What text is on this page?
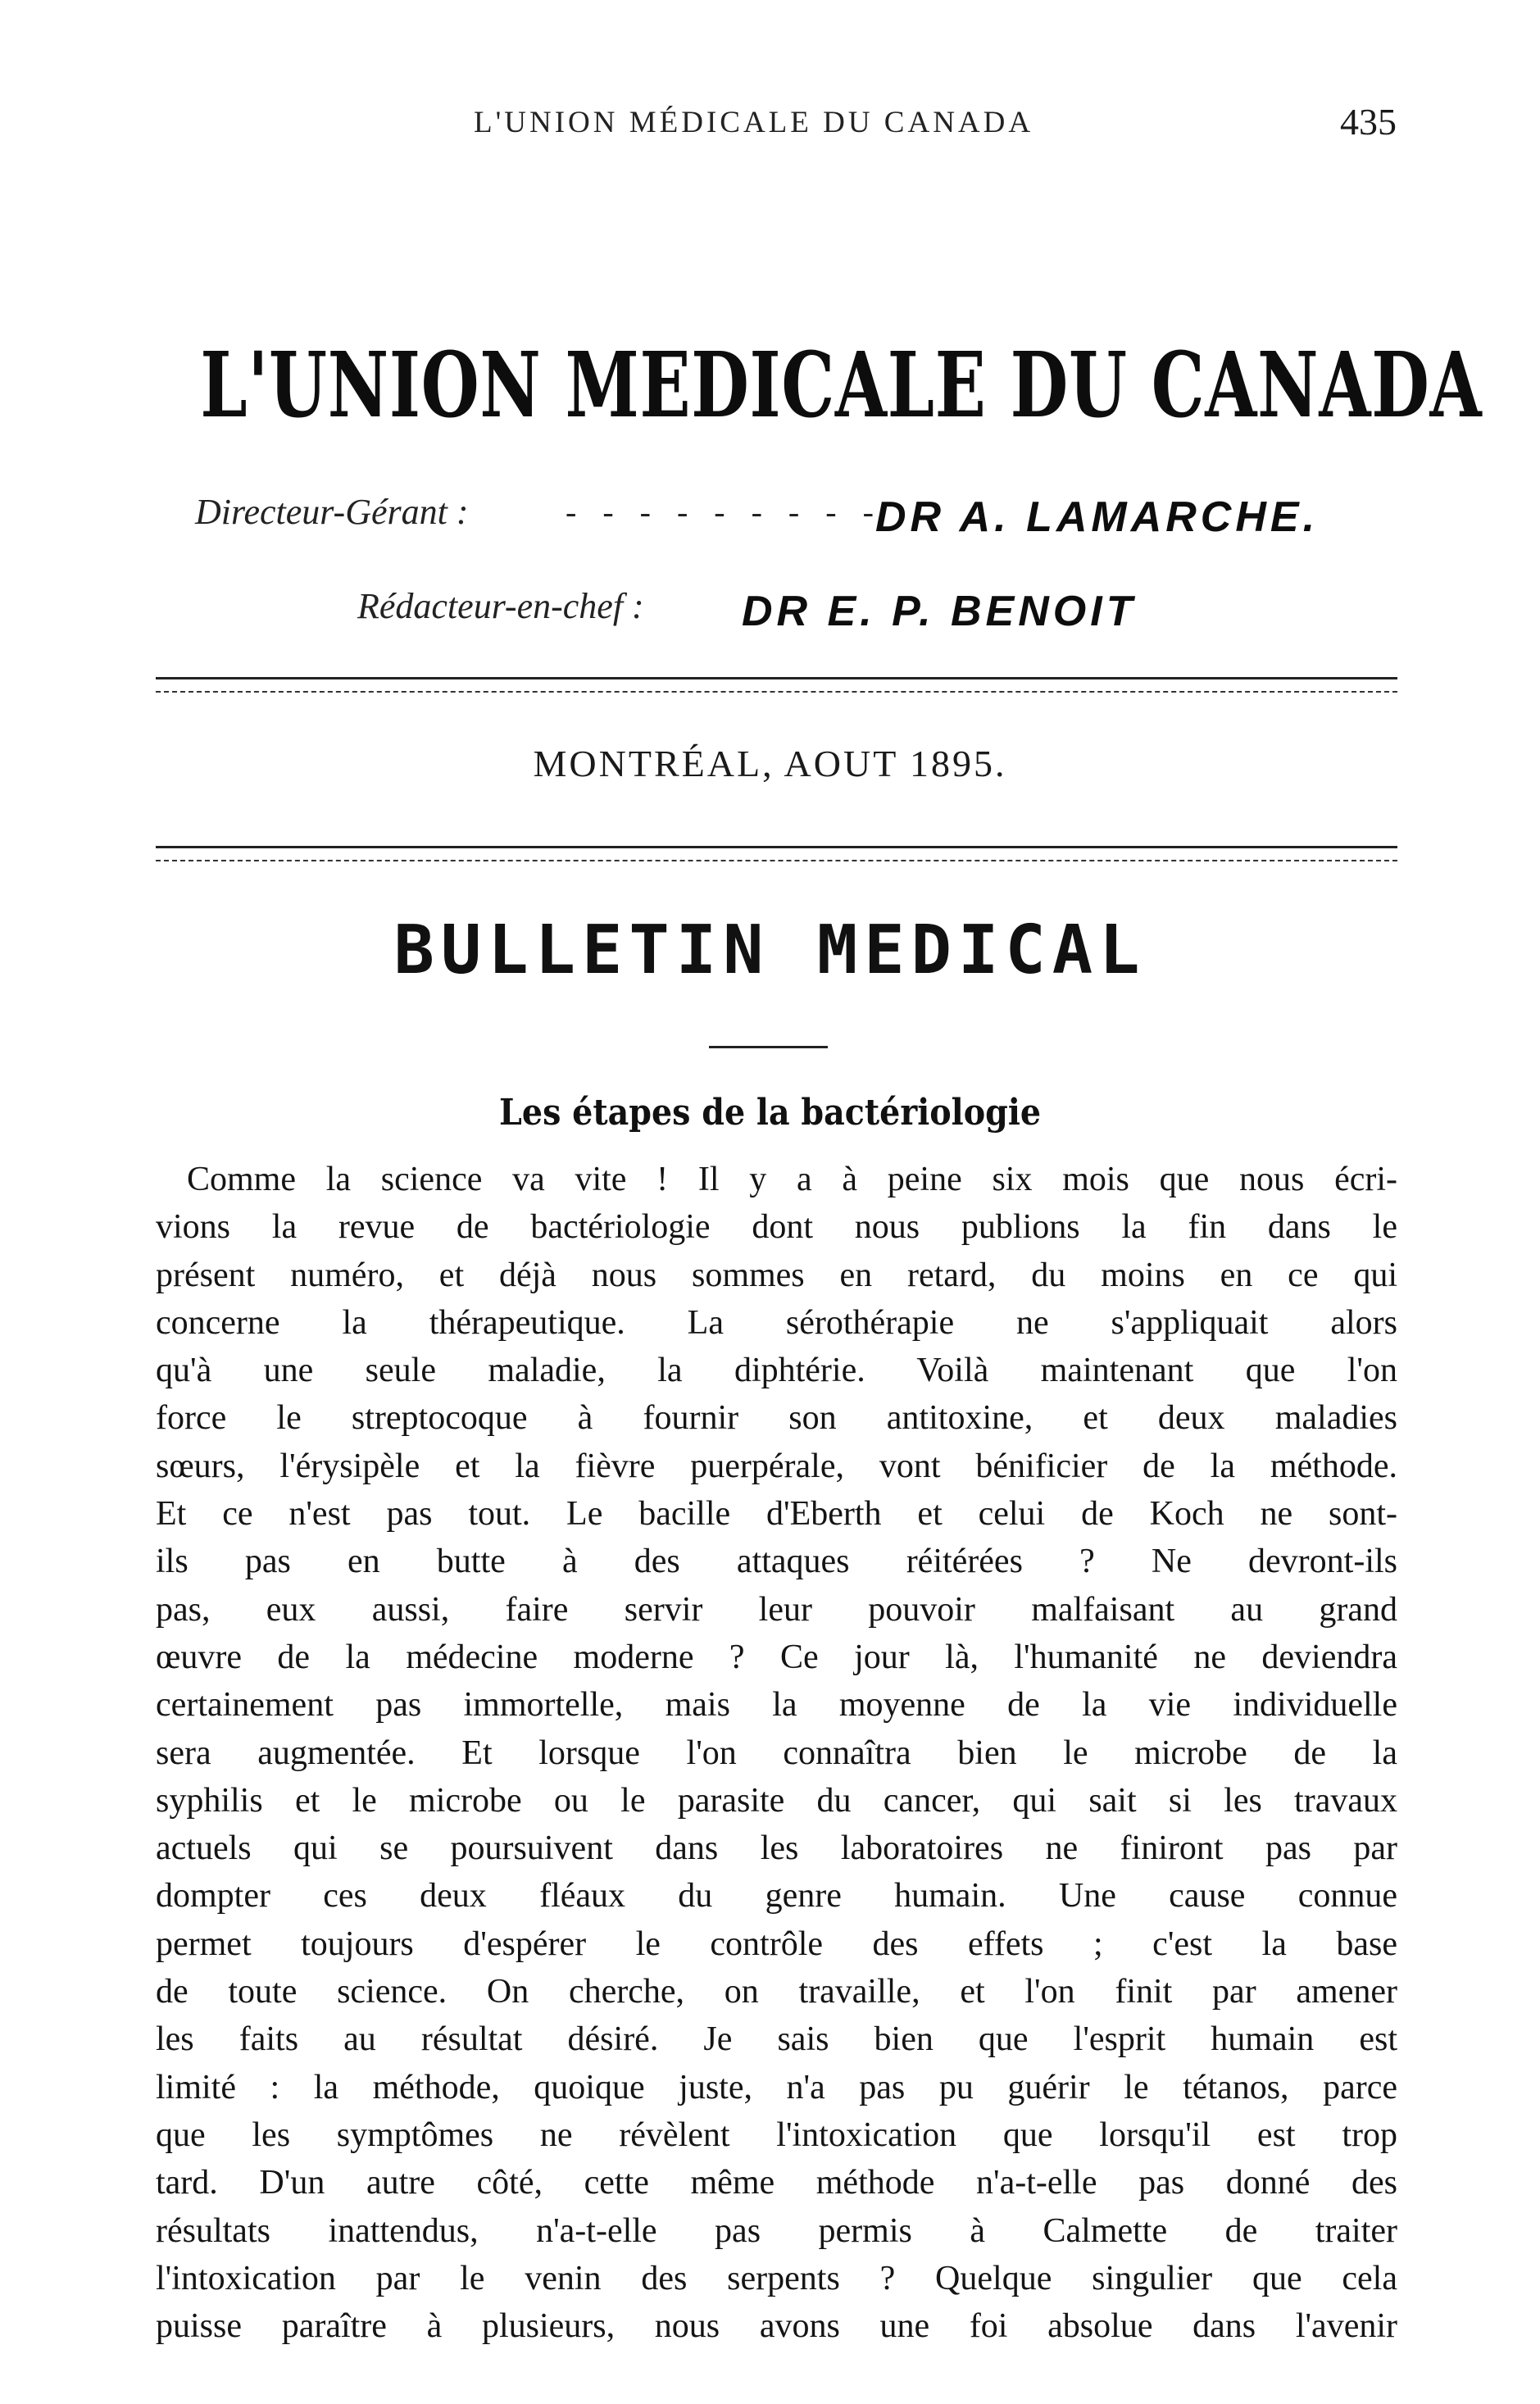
L'UNION MÉDICALE DU CANADA	435
L'UNION MEDICALE DU CANADA
Directeur-Gérant :	- - - - - - - - -
DR A. LAMARCHE.
Rédacteur-en-chef : DR E. P. BENOIT
MONTRÉAL, AOUT 1895.
BULLETIN MEDICAL
Les étapes de la bactériologie
Comme la science va vite ! Il y a à peine six mois que nous écri-
vions la revue de bactériologie dont nous publions la fin dans le
présent numéro, et déjà nous sommes en retard, du moins en ce qui
concerne la thérapeutique. La sérothérapie ne s'appliquait alors
qu'à une seule maladie, la diphtérie. Voilà maintenant que l'on
force le streptocoque à fournir son antitoxine, et deux maladies
sœurs, l'érysipèle et la fièvre puerpérale, vont bénificier de la méthode.
Et ce n'est pas tout. Le bacille d'Eberth et celui de Koch ne sont-
ils pas en butte à des attaques réitérées ? Ne devront-ils
pas, eux aussi, faire servir leur pouvoir malfaisant au grand
œuvre de la médecine moderne ? Ce jour là, l'humanité ne deviendra
certainement pas immortelle, mais la moyenne de la vie individuelle
sera augmentée. Et lorsque l'on connaîtra bien le microbe de la
syphilis et le microbe ou le parasite du cancer, qui sait si les travaux
actuels qui se poursuivent dans les laboratoires ne finiront pas par
dompter ces deux fléaux du genre humain. Une cause connue
permet toujours d'espérer le contrôle des effets ; c'est la base
de toute science. On cherche, on travaille, et l'on finit par amener
les faits au résultat désiré. Je sais bien que l'esprit humain est
limité : la méthode, quoique juste, n'a pas pu guérir le tétanos, parce
que les symptômes ne révèlent l'intoxication que lorsqu'il est trop
tard. D'un autre côté, cette même méthode n'a-t-elle pas donné des
résultats inattendus, n'a-t-elle pas permis à Calmette de traiter
l'intoxication par le venin des serpents ? Quelque singulier que cela
puisse paraître à plusieurs, nous avons une foi absolue dans l'avenir
